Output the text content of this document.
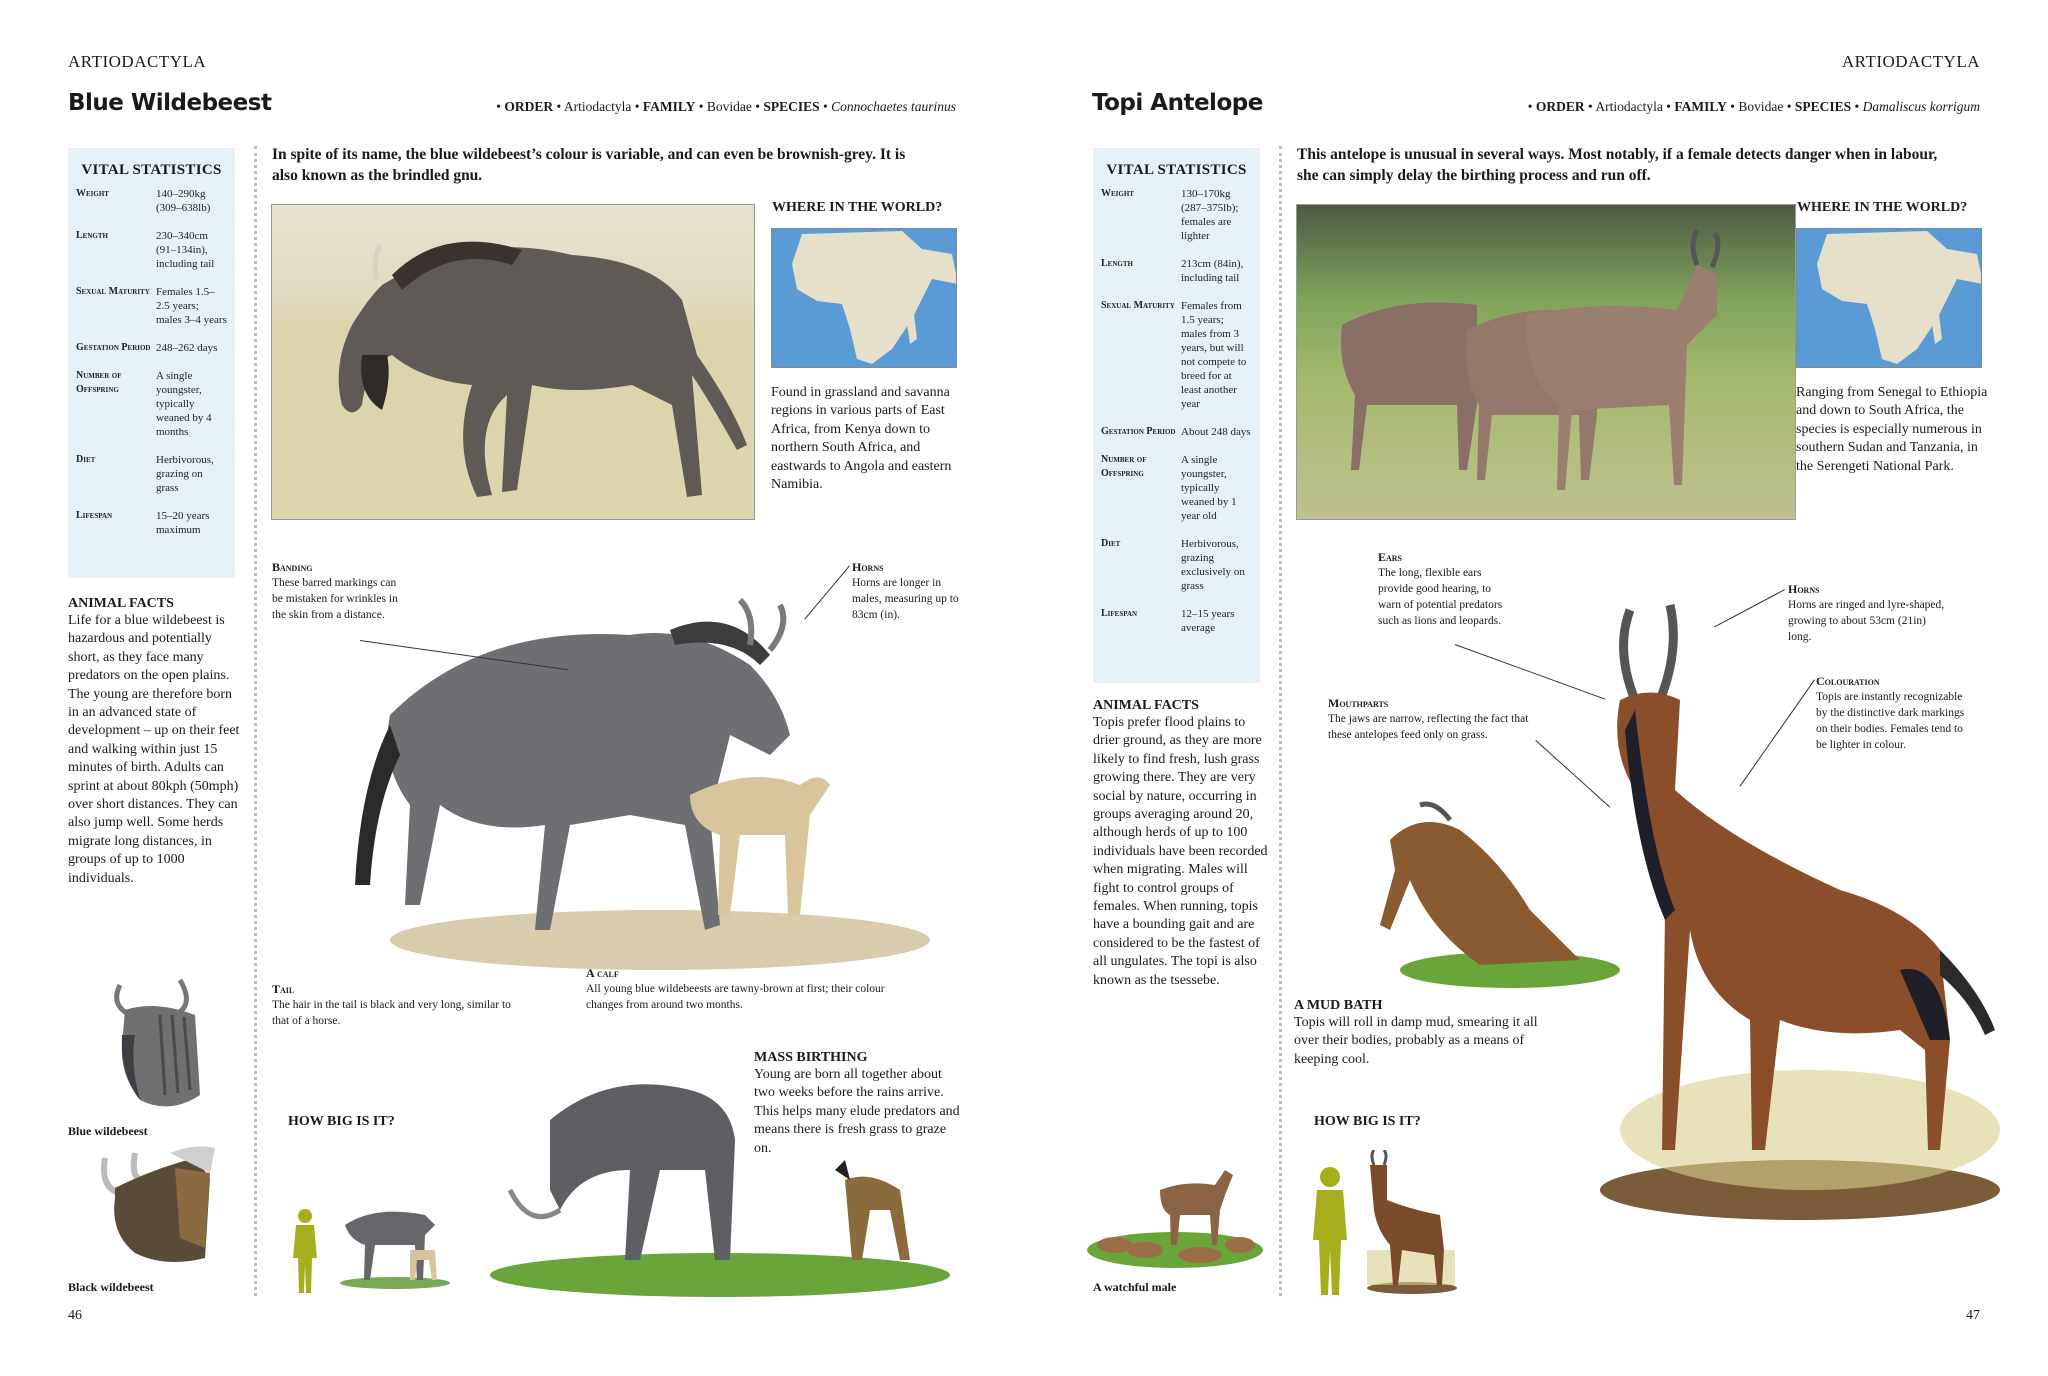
ARTIODACTYLA
Blue Wildebeest	• ORDER • Artiodactyla • FAMILY • Bovidae • SPECIES • Connochaetes taurinus
VITAL STATISTICS
Weight	140–290kg (309–638lb)
Length	230–340cm (91–134in), including tail
Sexual Maturity Females 1.5–2.5 years; males 3–4 years
Gestation Period 248–262 days
Number of Offspring
A single youngster, typically weaned by 4 months
Diet	Herbivorous, grazing on grass
Lifespan	15–20 years maximum
ANIMAL FACTS

Life for a blue wildebeest is hazardous and potentially short, as they face many predators on the open plains. The young are therefore born in an advanced state of development – up on their feet and walking within just 15 minutes of birth. Adults can sprint at about 80kph (50mph) over short distances. They can also jump well. Some herds migrate long distances, in groups of up to 1000 individuals.

Blue wildebeest
Black wildebeest
46
In spite of its name, the blue wildebeest’s colour is variable, and can even be brownish-grey. It is also known as the brindled gnu.
WHERE IN THE WORLD?
Found in grassland and savanna regions in various parts of East Africa, from Kenya down to northern South Africa, and eastwards to Angola and eastern Namibia.
Banding

These barred markings can be mistaken for wrinkles in the skin from a distance.

Horns

Horns are longer in males, measuring up to 83cm (in).

Tail

The hair in the tail is black and very long, similar to that of a horse.

A calf

All young blue wildebeests are tawny-brown at first; their colour changes from around two months.

MASS BIRTHING

Young are born all together about two weeks before the rains arrive. This helps many elude predators and means there is fresh grass to graze on.

HOW BIG IS IT?
ARTIODACTYLA
Topi Antelope	• ORDER • Artiodactyla • FAMILY • Bovidae • SPECIES • Damaliscus korrigum
VITAL STATISTICS
Weight	130–170kg (287–375lb); females are lighter
Length	213cm (84in), including tail
Sexual Maturity Females from 1.5 years; males from 3 years, but will not compete to breed for at least another year
Gestation Period About 248 days
Number of Offspring
A single youngster, typically weaned by 1 year old
Diet	Herbivorous, grazing exclusively on grass
Lifespan	12–15 years average
ANIMAL FACTS

Topis prefer flood plains to drier ground, as they are more likely to find fresh, lush grass growing there. They are very social by nature, occurring in groups averaging around 20, although herds of up to 100 individuals have been recorded when migrating. Males will fight to control groups of females. When running, topis have a bounding gait and are considered to be the fastest of all ungulates. The topi is also known as the tsessebe.

A watchful male
This antelope is unusual in several ways. Most notably, if a female detects danger when in labour, she can simply delay the birthing process and run off.
WHERE IN THE WORLD?
Ranging from Senegal to Ethiopia and down to South Africa, the species is especially numerous in southern Sudan and Tanzania, in the Serengeti National Park.
Ears

The long, flexible ears provide good hearing, to warn of potential predators such as lions and leopards.

Horns

Horns are ringed and lyre-shaped, growing to about 53cm (21in) long.

Mouthparts

The jaws are narrow, reflecting the fact that these antelopes feed only on grass.

Colouration

Topis are instantly recognizable by the distinctive dark markings on their bodies. Females tend to be lighter in colour.

A MUD BATH

Topis will roll in damp mud, smearing it all over their bodies, probably as a means of keeping cool.

HOW BIG IS IT?
47
